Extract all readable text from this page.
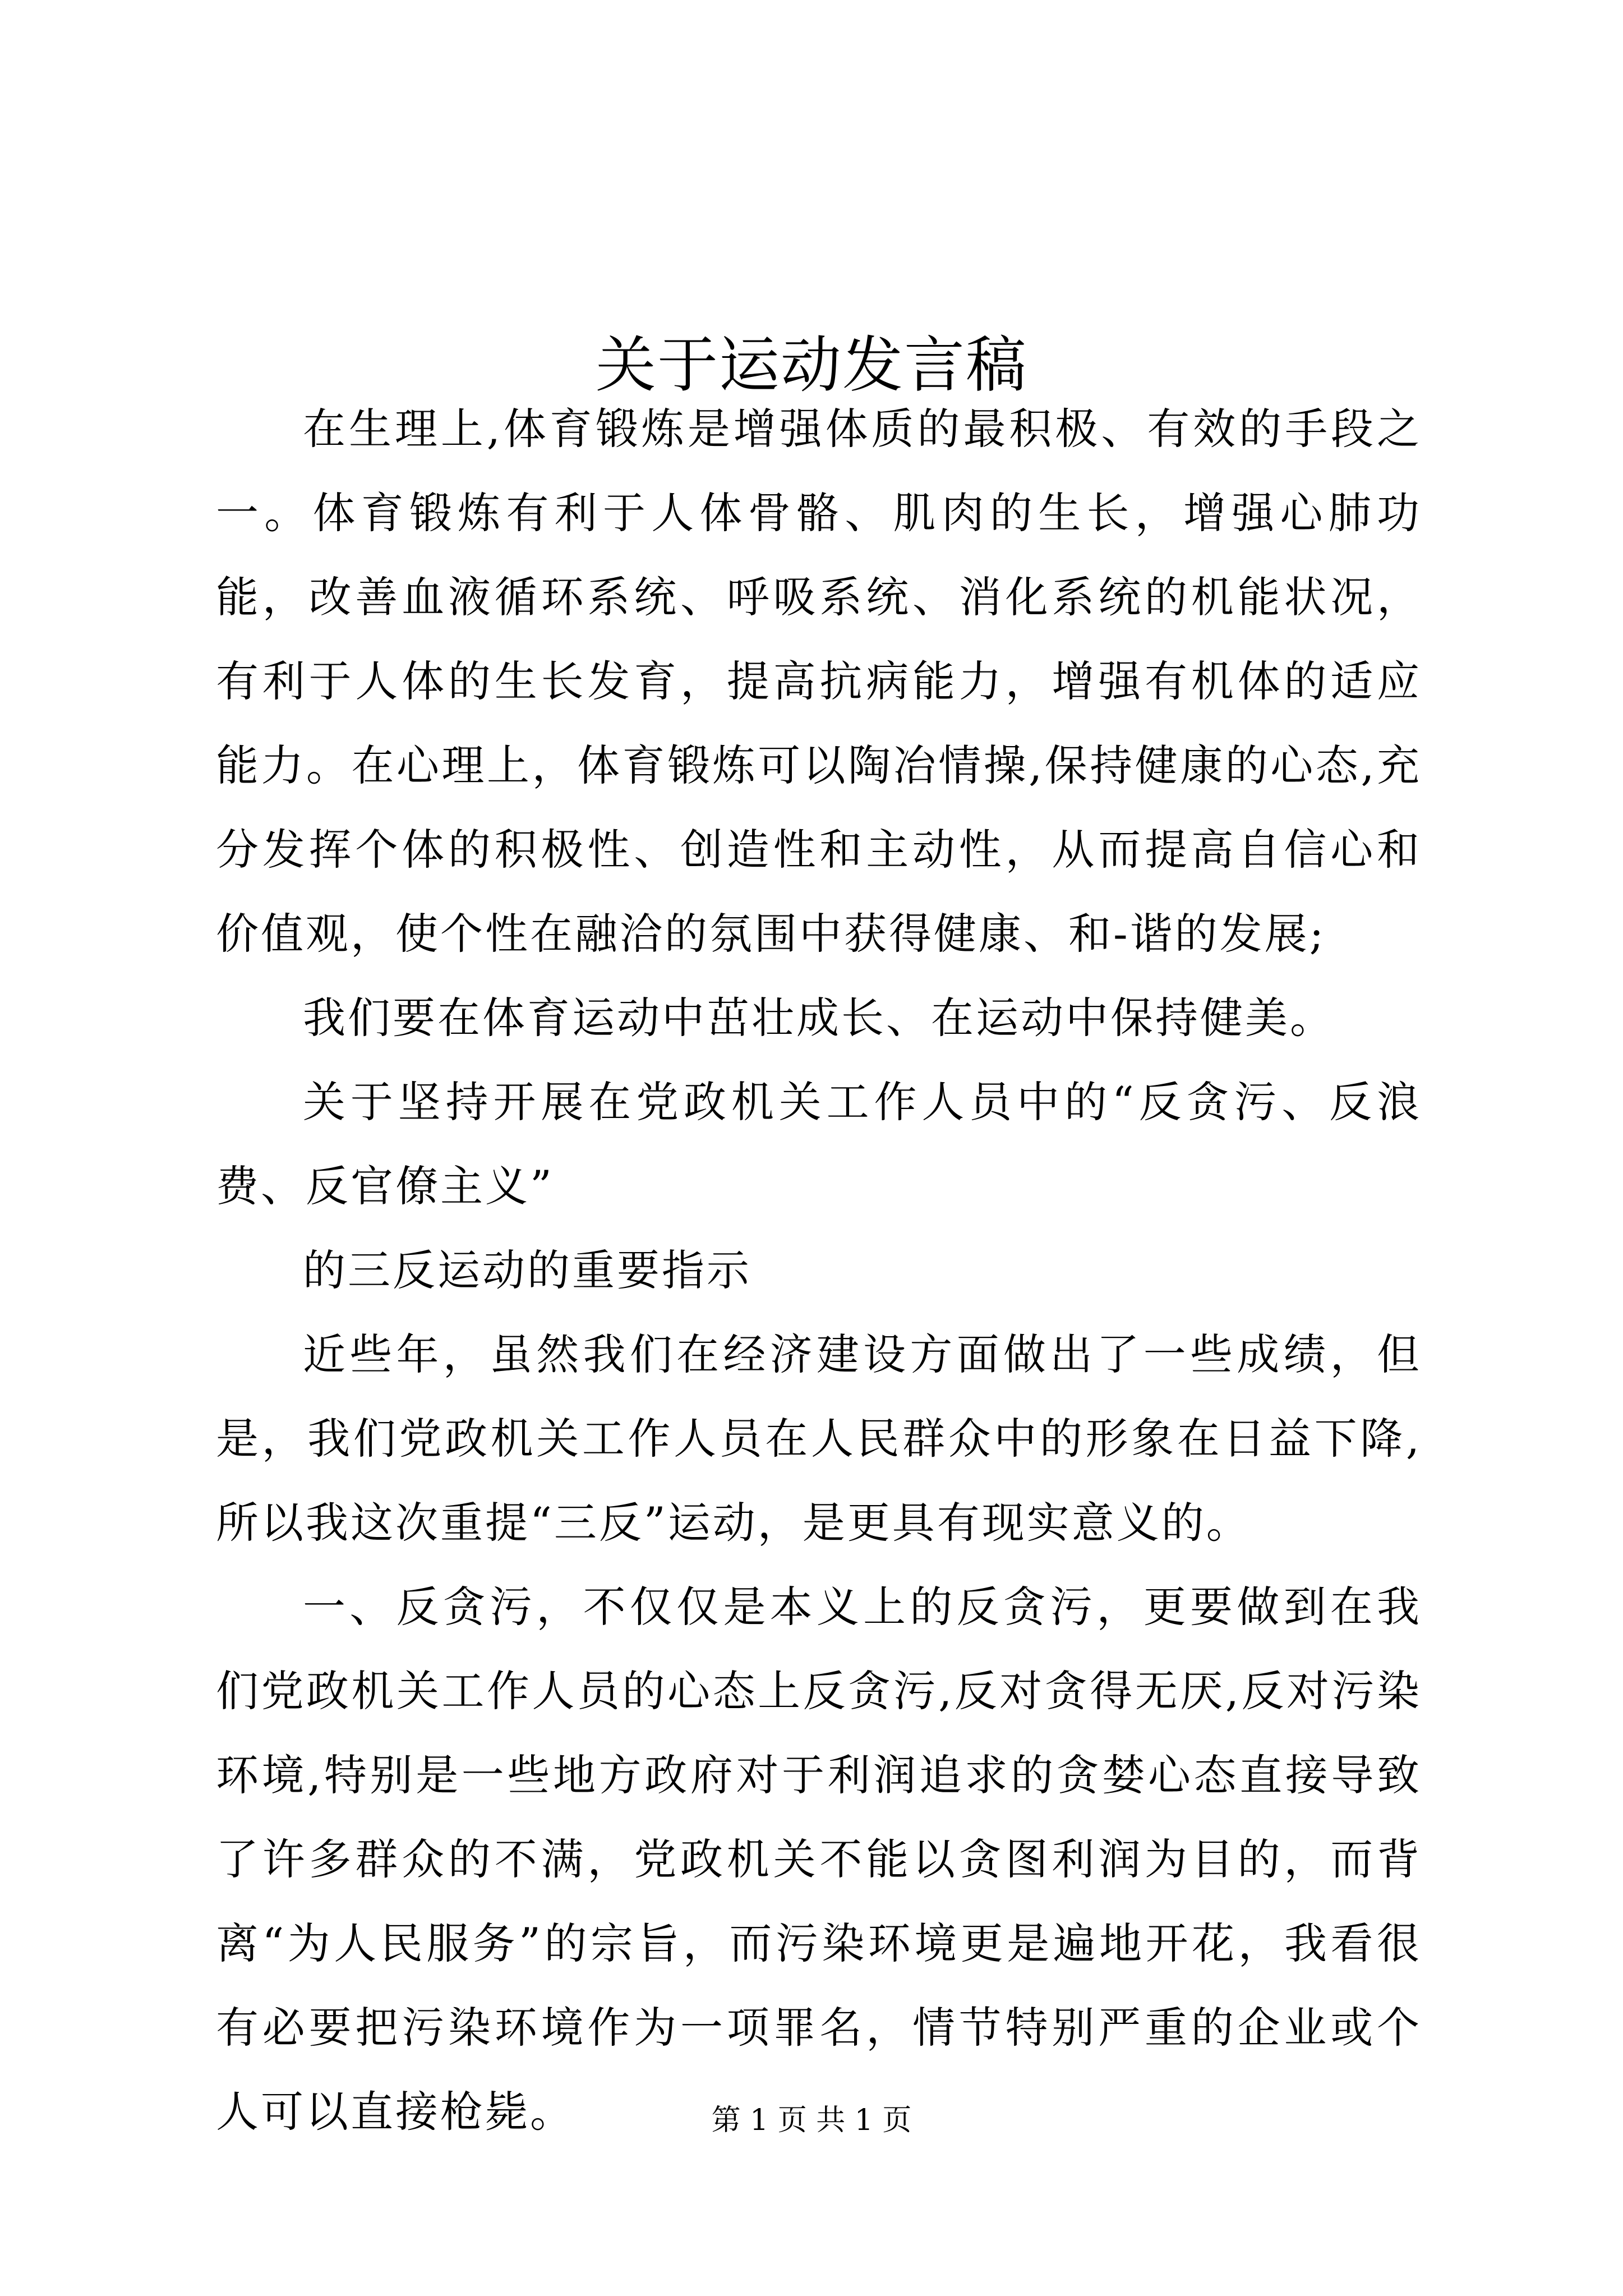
关于运动发言稿

在生理上,体育锻炼是增强体质的最积极、有效的手段之一。体育锻炼有利于人体骨骼、肌肉的生长，增强心肺功能，改善血液循环系统、呼吸系统、消化系统的机能状况，有利于人体的生长发育，提高抗病能力，增强有机体的适应能力。在心理上，体育锻炼可以陶冶情操,保持健康的心态,充分发挥个体的积极性、创造性和主动性，从而提高自信心和价值观，使个性在融洽的氛围中获得健康、和-谐的发展;

我们要在体育运动中茁壮成长、在运动中保持健美。

关于坚持开展在党政机关工作人员中的“反贪污、反浪费、反官僚主义”

的三反运动的重要指示

近些年，虽然我们在经济建设方面做出了一些成绩，但是，我们党政机关工作人员在人民群众中的形象在日益下降,所以我这次重提“三反”运动，是更具有现实意义的。

一、反贪污，不仅仅是本义上的反贪污，更要做到在我们党政机关工作人员的心态上反贪污,反对贪得无厌,反对污染环境,特别是一些地方政府对于利润追求的贪婪心态直接导致了许多群众的不满，党政机关不能以贪图利润为目的，而背离“为人民服务”的宗旨，而污染环境更是遍地开花，我看很有必要把污染环境作为一项罪名，情节特别严重的企业或个人可以直接枪毙。	第 1 页 共 1 页
